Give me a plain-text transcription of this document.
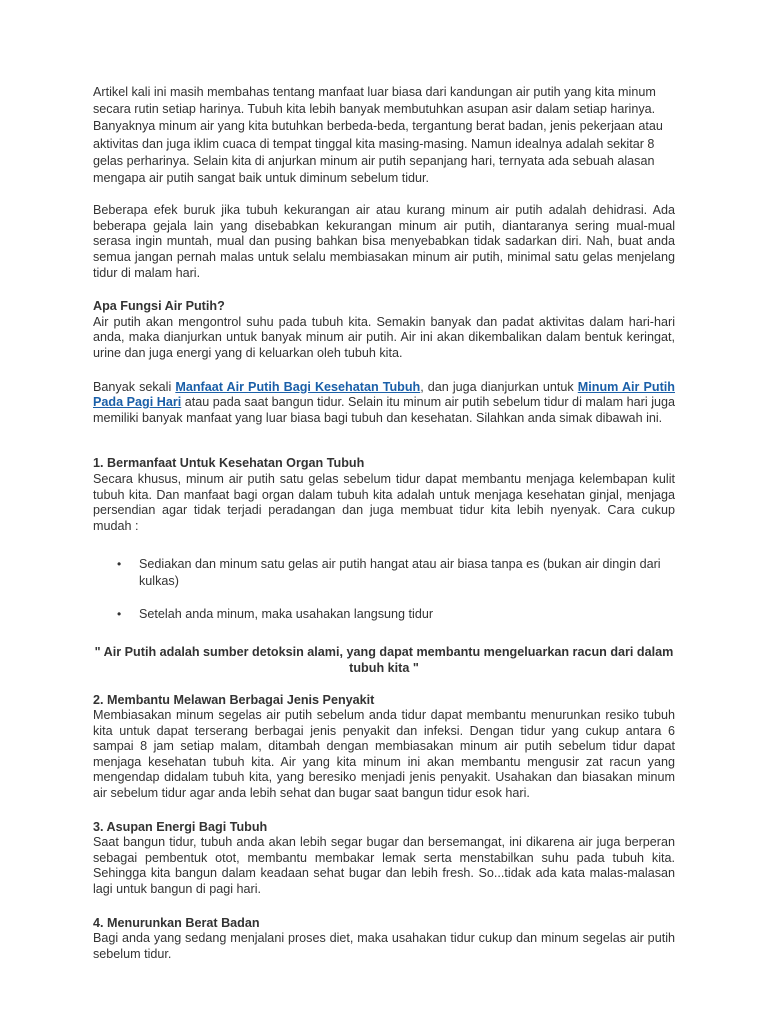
Artikel kali ini masih membahas tentang manfaat luar biasa dari kandungan air putih yang kita minum secara rutin setiap harinya. Tubuh kita lebih banyak membutuhkan asupan asir dalam setiap harinya. Banyaknya minum air yang kita butuhkan berbeda-beda, tergantung berat badan, jenis pekerjaan atau aktivitas dan juga iklim cuaca di tempat tinggal kita masing-masing. Namun idealnya adalah sekitar 8 gelas perharinya. Selain kita di anjurkan minum air putih sepanjang hari, ternyata ada sebuah alasan mengapa air putih sangat baik untuk diminum sebelum tidur.

Beberapa efek buruk jika tubuh kekurangan air atau kurang minum air putih adalah dehidrasi. Ada beberapa gejala lain yang disebabkan kekurangan minum air putih, diantaranya sering mual-mual serasa ingin muntah, mual dan pusing bahkan bisa menyebabkan tidak sadarkan diri. Nah, buat anda semua jangan pernah malas untuk selalu membiasakan minum air putih, minimal satu gelas menjelang tidur di malam hari.

Apa Fungsi Air Putih?

Air putih akan mengontrol suhu pada tubuh kita. Semakin banyak dan padat aktivitas dalam hari-hari anda, maka dianjurkan untuk banyak minum air putih. Air ini akan dikembalikan dalam bentuk keringat, urine dan juga energi yang di keluarkan oleh tubuh kita.

Banyak sekali Manfaat Air Putih Bagi Kesehatan Tubuh, dan juga dianjurkan untuk Minum Air Putih Pada Pagi Hari atau pada saat bangun tidur. Selain itu minum air putih sebelum tidur di malam hari juga memiliki banyak manfaat yang luar biasa bagi tubuh dan kesehatan. Silahkan anda simak dibawah ini.

1. Bermanfaat Untuk Kesehatan Organ Tubuh

Secara khusus, minum air putih satu gelas sebelum tidur dapat membantu menjaga kelembapan kulit tubuh kita. Dan manfaat bagi organ dalam tubuh kita adalah untuk menjaga kesehatan ginjal, menjaga persendian agar tidak terjadi peradangan dan juga membuat tidur kita lebih nyenyak. Cara cukup mudah :

• Sediakan dan minum satu gelas air putih hangat atau air biasa tanpa es (bukan air dingin dari kulkas)
• Setelah anda minum, maka usahakan langsung tidur

" Air Putih adalah sumber detoksin alami, yang dapat membantu mengeluarkan racun dari dalam tubuh kita "

2. Membantu Melawan Berbagai Jenis Penyakit

Membiasakan minum segelas air putih sebelum anda tidur dapat membantu menurunkan resiko tubuh kita untuk dapat terserang berbagai jenis penyakit dan infeksi. Dengan tidur yang cukup antara 6 sampai 8 jam setiap malam, ditambah dengan membiasakan minum air putih sebelum tidur dapat menjaga kesehatan tubuh kita. Air yang kita minum ini akan membantu mengusir zat racun yang mengendap didalam tubuh kita, yang beresiko menjadi jenis penyakit. Usahakan dan biasakan minum air sebelum tidur agar anda lebih sehat dan bugar saat bangun tidur esok hari.

3. Asupan Energi Bagi Tubuh

Saat bangun tidur, tubuh anda akan lebih segar bugar dan bersemangat, ini dikarena air juga berperan sebagai pembentuk otot, membantu membakar lemak serta menstabilkan suhu pada tubuh kita. Sehingga kita bangun dalam keadaan sehat bugar dan lebih fresh. So...tidak ada kata malas-malasan lagi untuk bangun di pagi hari.

4. Menurunkan Berat Badan

Bagi anda yang sedang menjalani proses diet, maka usahakan tidur cukup dan minum segelas air putih sebelum tidur.
